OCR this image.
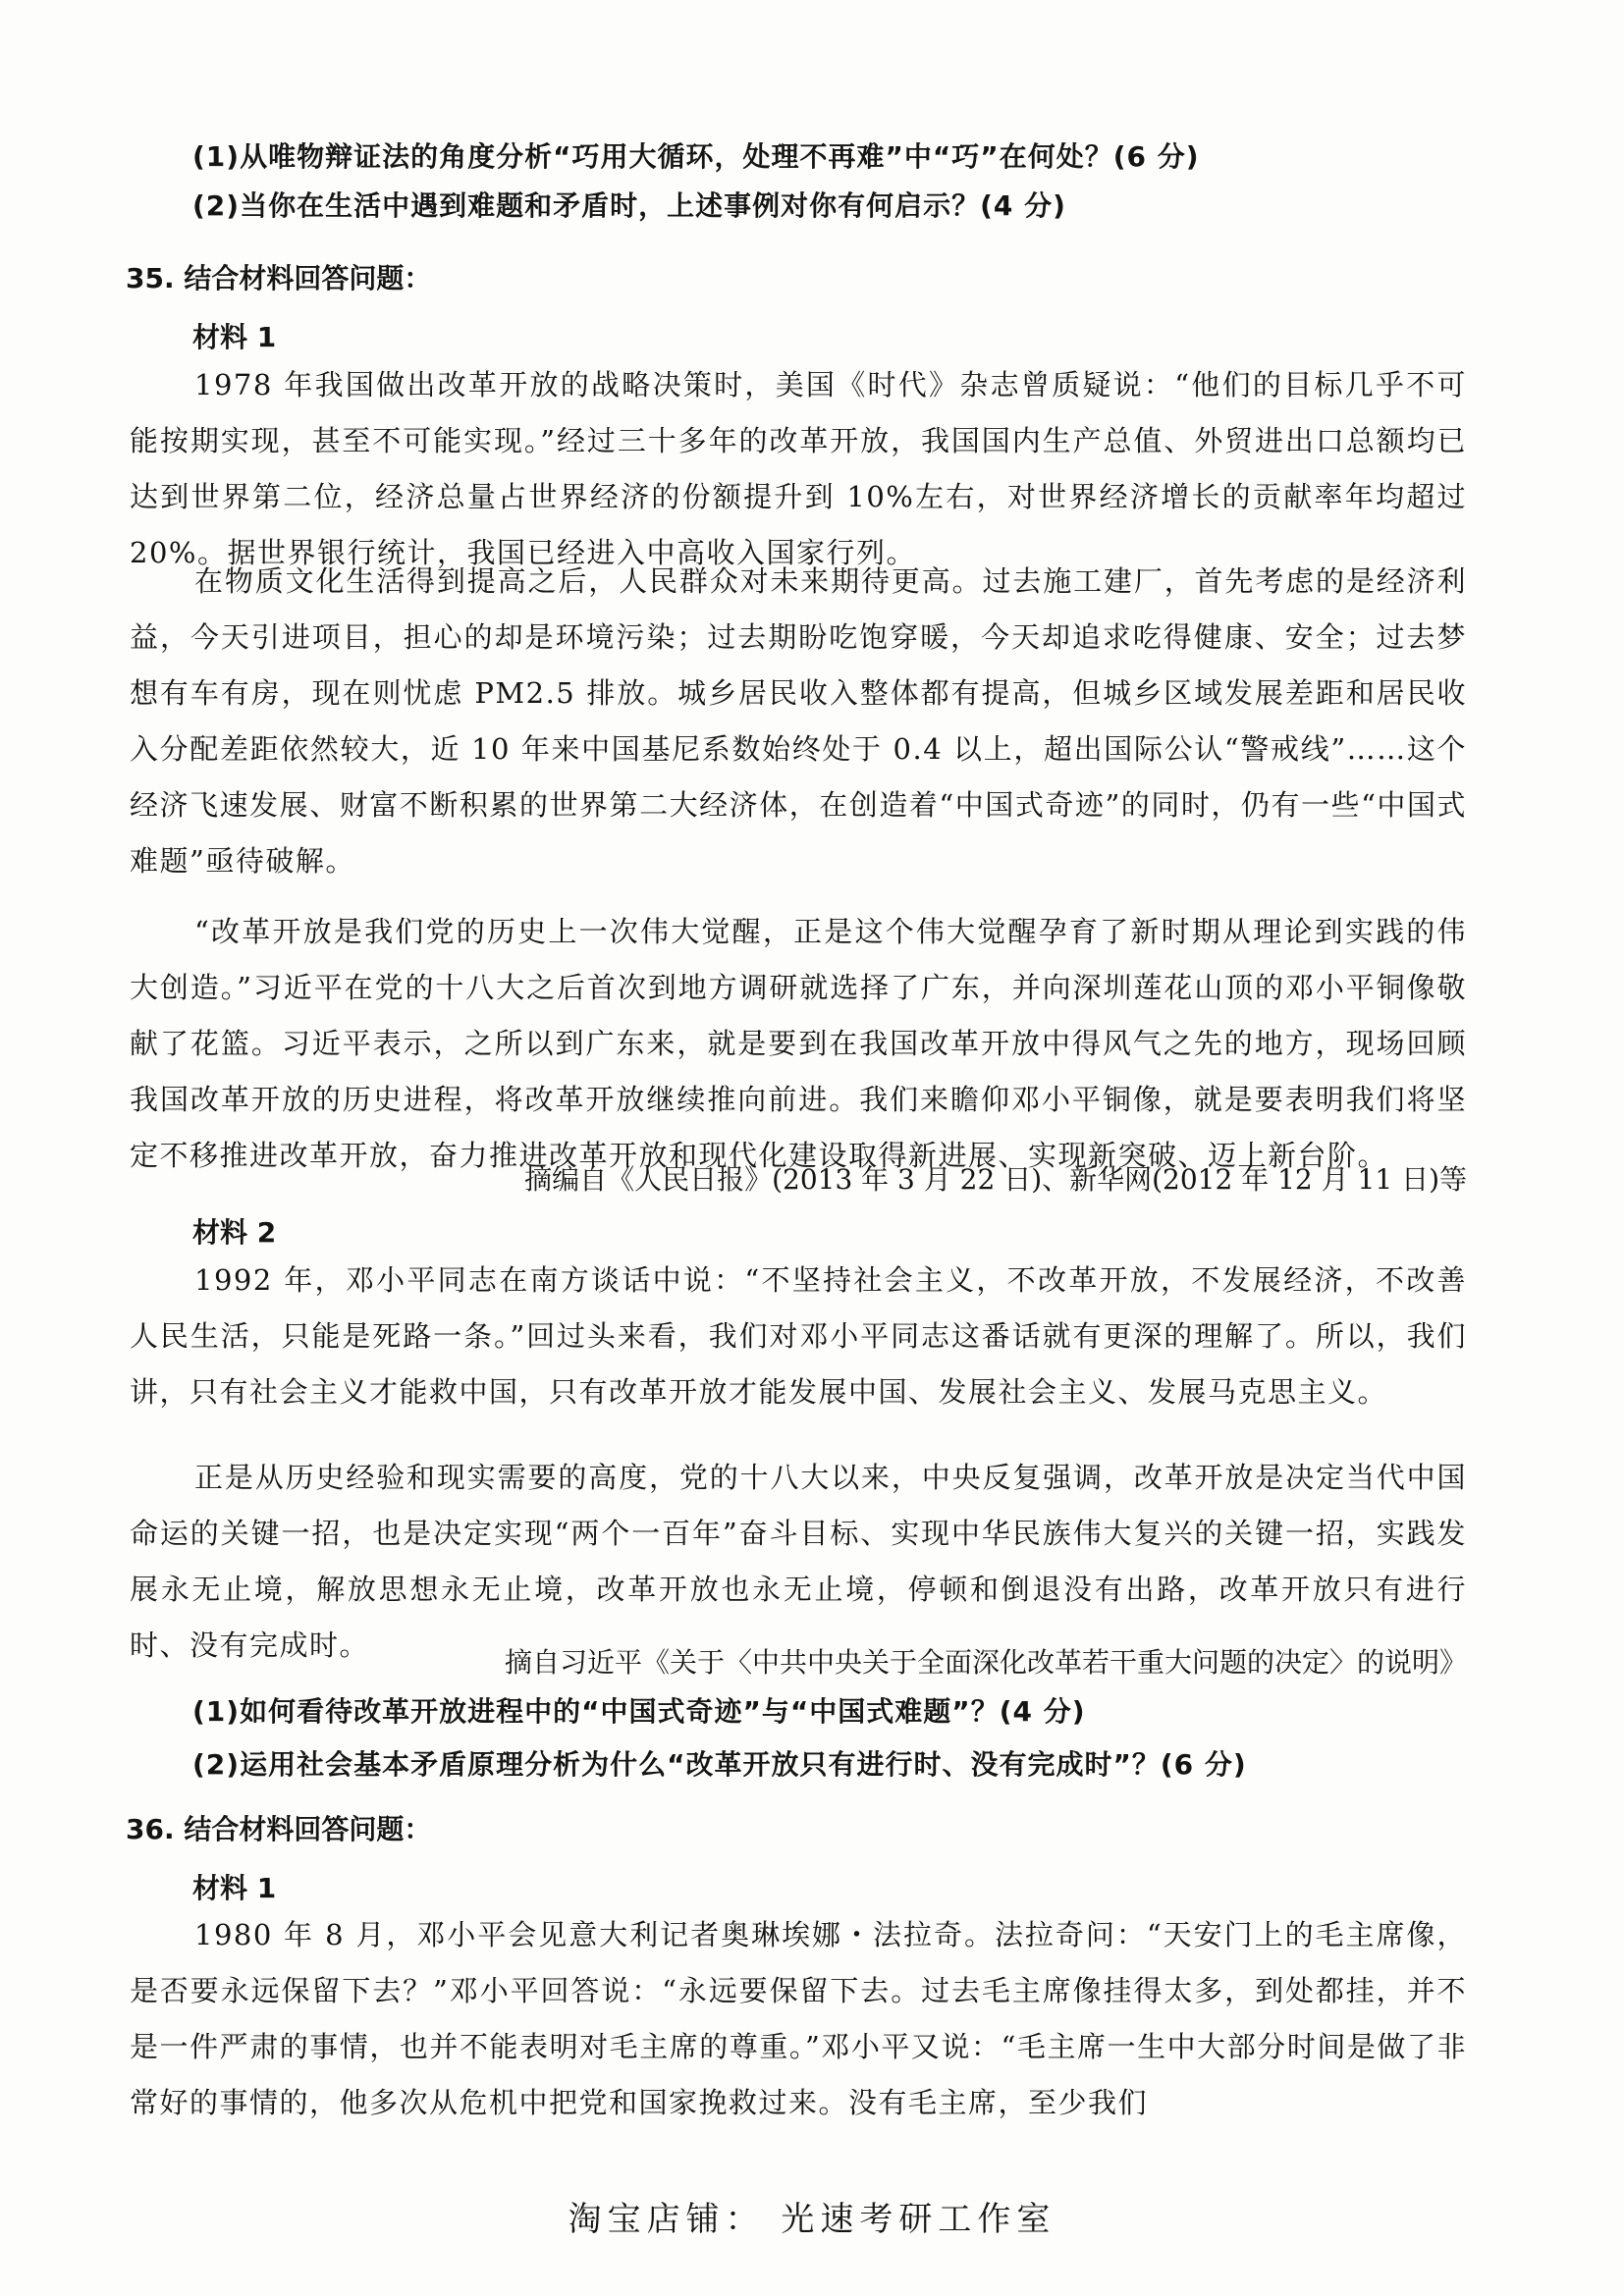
(1)从唯物辩证法的角度分析“巧用大循环，处理不再难”中“巧”在何处？(6 分)
(2)当你在生活中遇到难题和矛盾时，上述事例对你有何启示？(4 分)
35. 结合材料回答问题：
材料 1

1978 年我国做出改革开放的战略决策时，美国《时代》杂志曾质疑说：“他们的目标几乎不可能按期实现，甚至不可能实现。”经过三十多年的改革开放，我国国内生产总值、外贸进出口总额均已达到世界第二位，经济总量占世界经济的份额提升到 10%左右，对世界经济增长的贡献率年均超过 20%。据世界银行统计，我国已经进入中高收入国家行列。

在物质文化生活得到提高之后，人民群众对未来期待更高。过去施工建厂，首先考虑的是经济利益，今天引进项目，担心的却是环境污染；过去期盼吃饱穿暖，今天却追求吃得健康、安全；过去梦想有车有房，现在则忧虑 PM2.5 排放。城乡居民收入整体都有提高，但城乡区域发展差距和居民收入分配差距依然较大，近 10 年来中国基尼系数始终处于 0.4 以上，超出国际公认“警戒线”……这个经济飞速发展、财富不断积累的世界第二大经济体，在创造着“中国式奇迹”的同时，仍有一些“中国式难题”亟待破解。

“改革开放是我们党的历史上一次伟大觉醒，正是这个伟大觉醒孕育了新时期从理论到实践的伟大创造。”习近平在党的十八大之后首次到地方调研就选择了广东，并向深圳莲花山顶的邓小平铜像敬献了花篮。习近平表示，之所以到广东来，就是要到在我国改革开放中得风气之先的地方，现场回顾我国改革开放的历史进程，将改革开放继续推向前进。我们来瞻仰邓小平铜像，就是要表明我们将坚定不移推进改革开放，奋力推进改革开放和现代化建设取得新进展、实现新突破、迈上新台阶。

摘编自《人民日报》(2013 年 3 月 22 日)、新华网(2012 年 12 月 11 日)等
材料 2

1992 年，邓小平同志在南方谈话中说：“不坚持社会主义，不改革开放，不发展经济，不改善人民生活，只能是死路一条。”回过头来看，我们对邓小平同志这番话就有更深的理解了。所以，我们讲，只有社会主义才能救中国，只有改革开放才能发展中国、发展社会主义、发展马克思主义。

正是从历史经验和现实需要的高度，党的十八大以来，中央反复强调，改革开放是决定当代中国命运的关键一招，也是决定实现“两个一百年”奋斗目标、实现中华民族伟大复兴的关键一招，实践发展永无止境，解放思想永无止境，改革开放也永无止境，停顿和倒退没有出路，改革开放只有进行时、没有完成时。

摘自习近平《关于〈中共中央关于全面深化改革若干重大问题的决定〉的说明》
(1)如何看待改革开放进程中的“中国式奇迹”与“中国式难题”？(4 分)
(2)运用社会基本矛盾原理分析为什么“改革开放只有进行时、没有完成时”？(6 分)
36. 结合材料回答问题：
材料 1

1980 年 8 月，邓小平会见意大利记者奥琳埃娜・法拉奇。法拉奇问：“天安门上的毛主席像，是否要永远保留下去？”邓小平回答说：“永远要保留下去。过去毛主席像挂得太多，到处都挂，并不是一件严肃的事情，也并不能表明对毛主席的尊重。”邓小平又说：“毛主席一生中大部分时间是做了非常好的事情的，他多次从危机中把党和国家挽救过来。没有毛主席，至少我们

淘宝店铺： 光速考研工作室
